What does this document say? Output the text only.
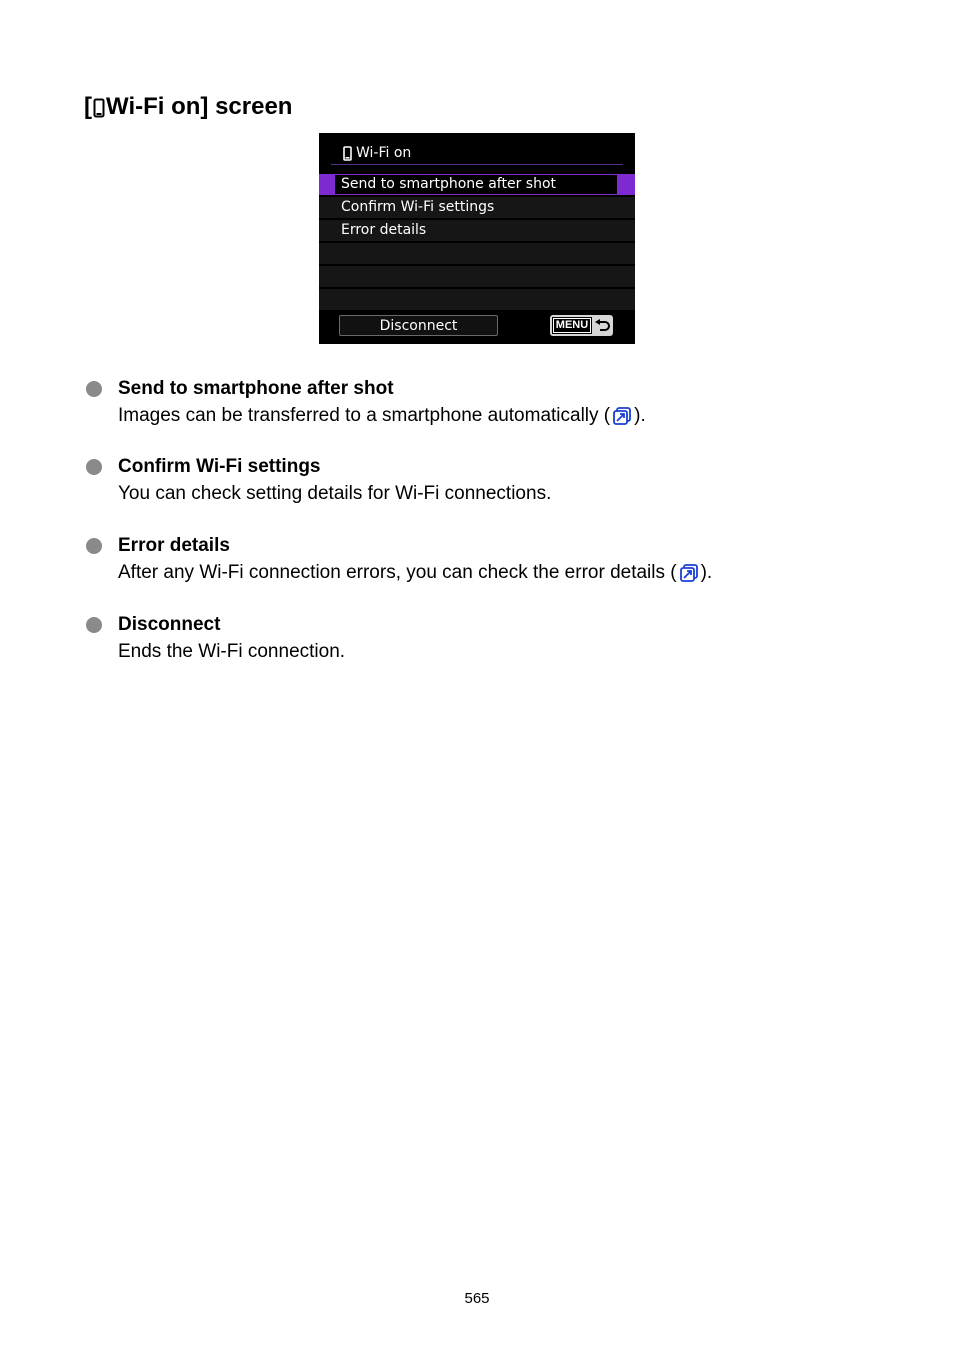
[ Wi-Fi on] screen
Wi-Fi on
Send to smartphone after shot
Confirm Wi-Fi settings
Error details
Disconnect	MENU
Send to smartphone after shot
Images can be transferred to a smartphone automatically ( ).
Confirm Wi-Fi settings
You can check setting details for Wi-Fi connections.
Error details
After any Wi-Fi connection errors, you can check the error details ( ).
Disconnect
Ends the Wi-Fi connection.
565
